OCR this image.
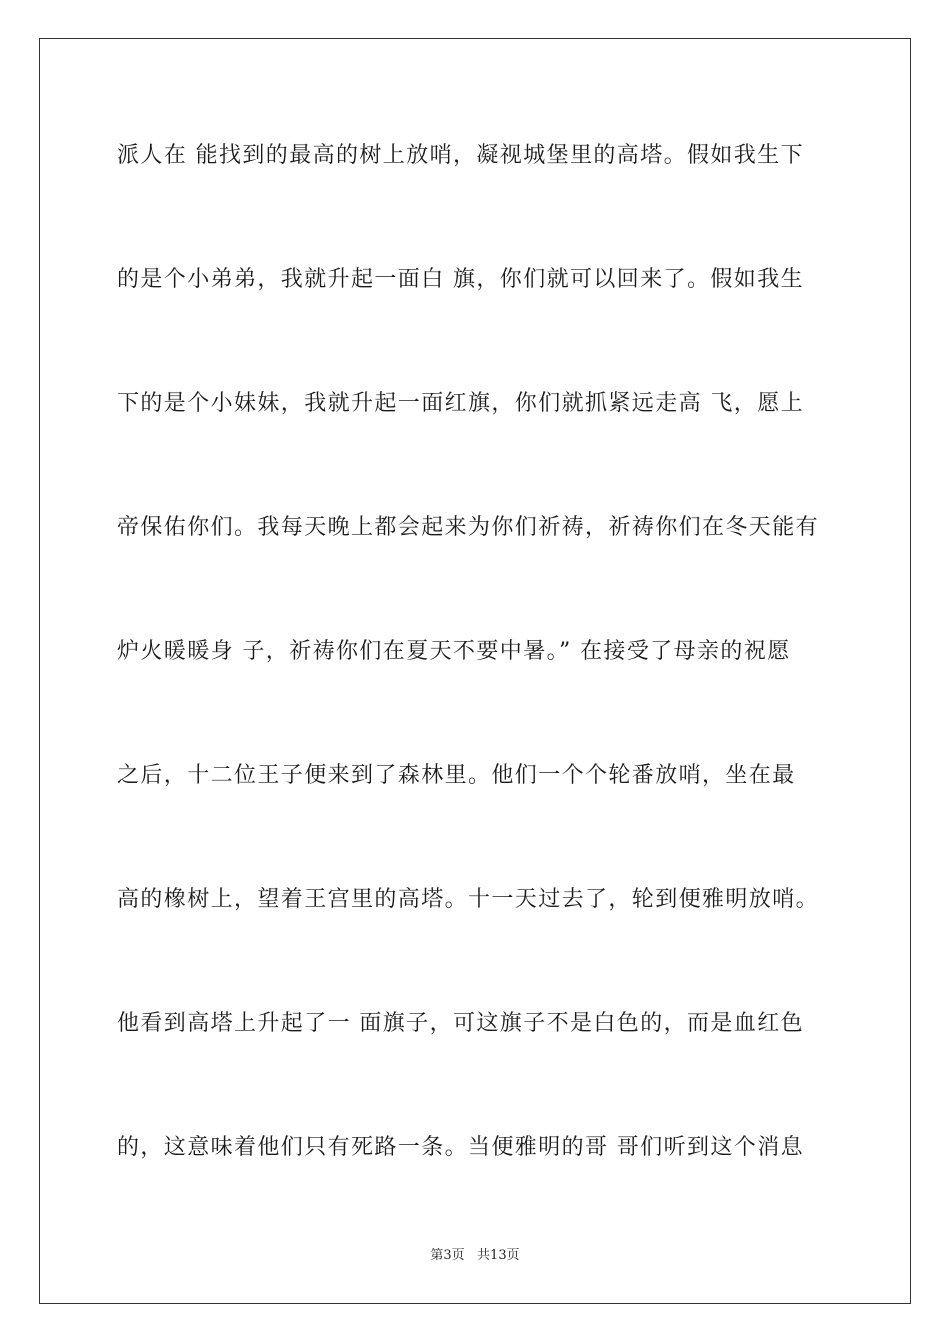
派人在 能找到的最高的树上放哨，凝视城堡里的高塔。假如我生下
的是个小弟弟，我就升起一面白 旗，你们就可以回来了。假如我生
下的是个小妹妹，我就升起一面红旗，你们就抓紧远走高 飞，愿上
帝保佑你们。我每天晚上都会起来为你们祈祷，祈祷你们在冬天能有
炉火暖暖身 子，祈祷你们在夏天不要中暑。” 在接受了母亲的祝愿
之后，十二位王子便来到了森林里。他们一个个轮番放哨，坐在最
高的橡树上，望着王宫里的高塔。十一天过去了，轮到便雅明放哨。
他看到高塔上升起了一 面旗子，可这旗子不是白色的，而是血红色
的，这意味着他们只有死路一条。当便雅明的哥 哥们听到这个消息
第3页   共13页
